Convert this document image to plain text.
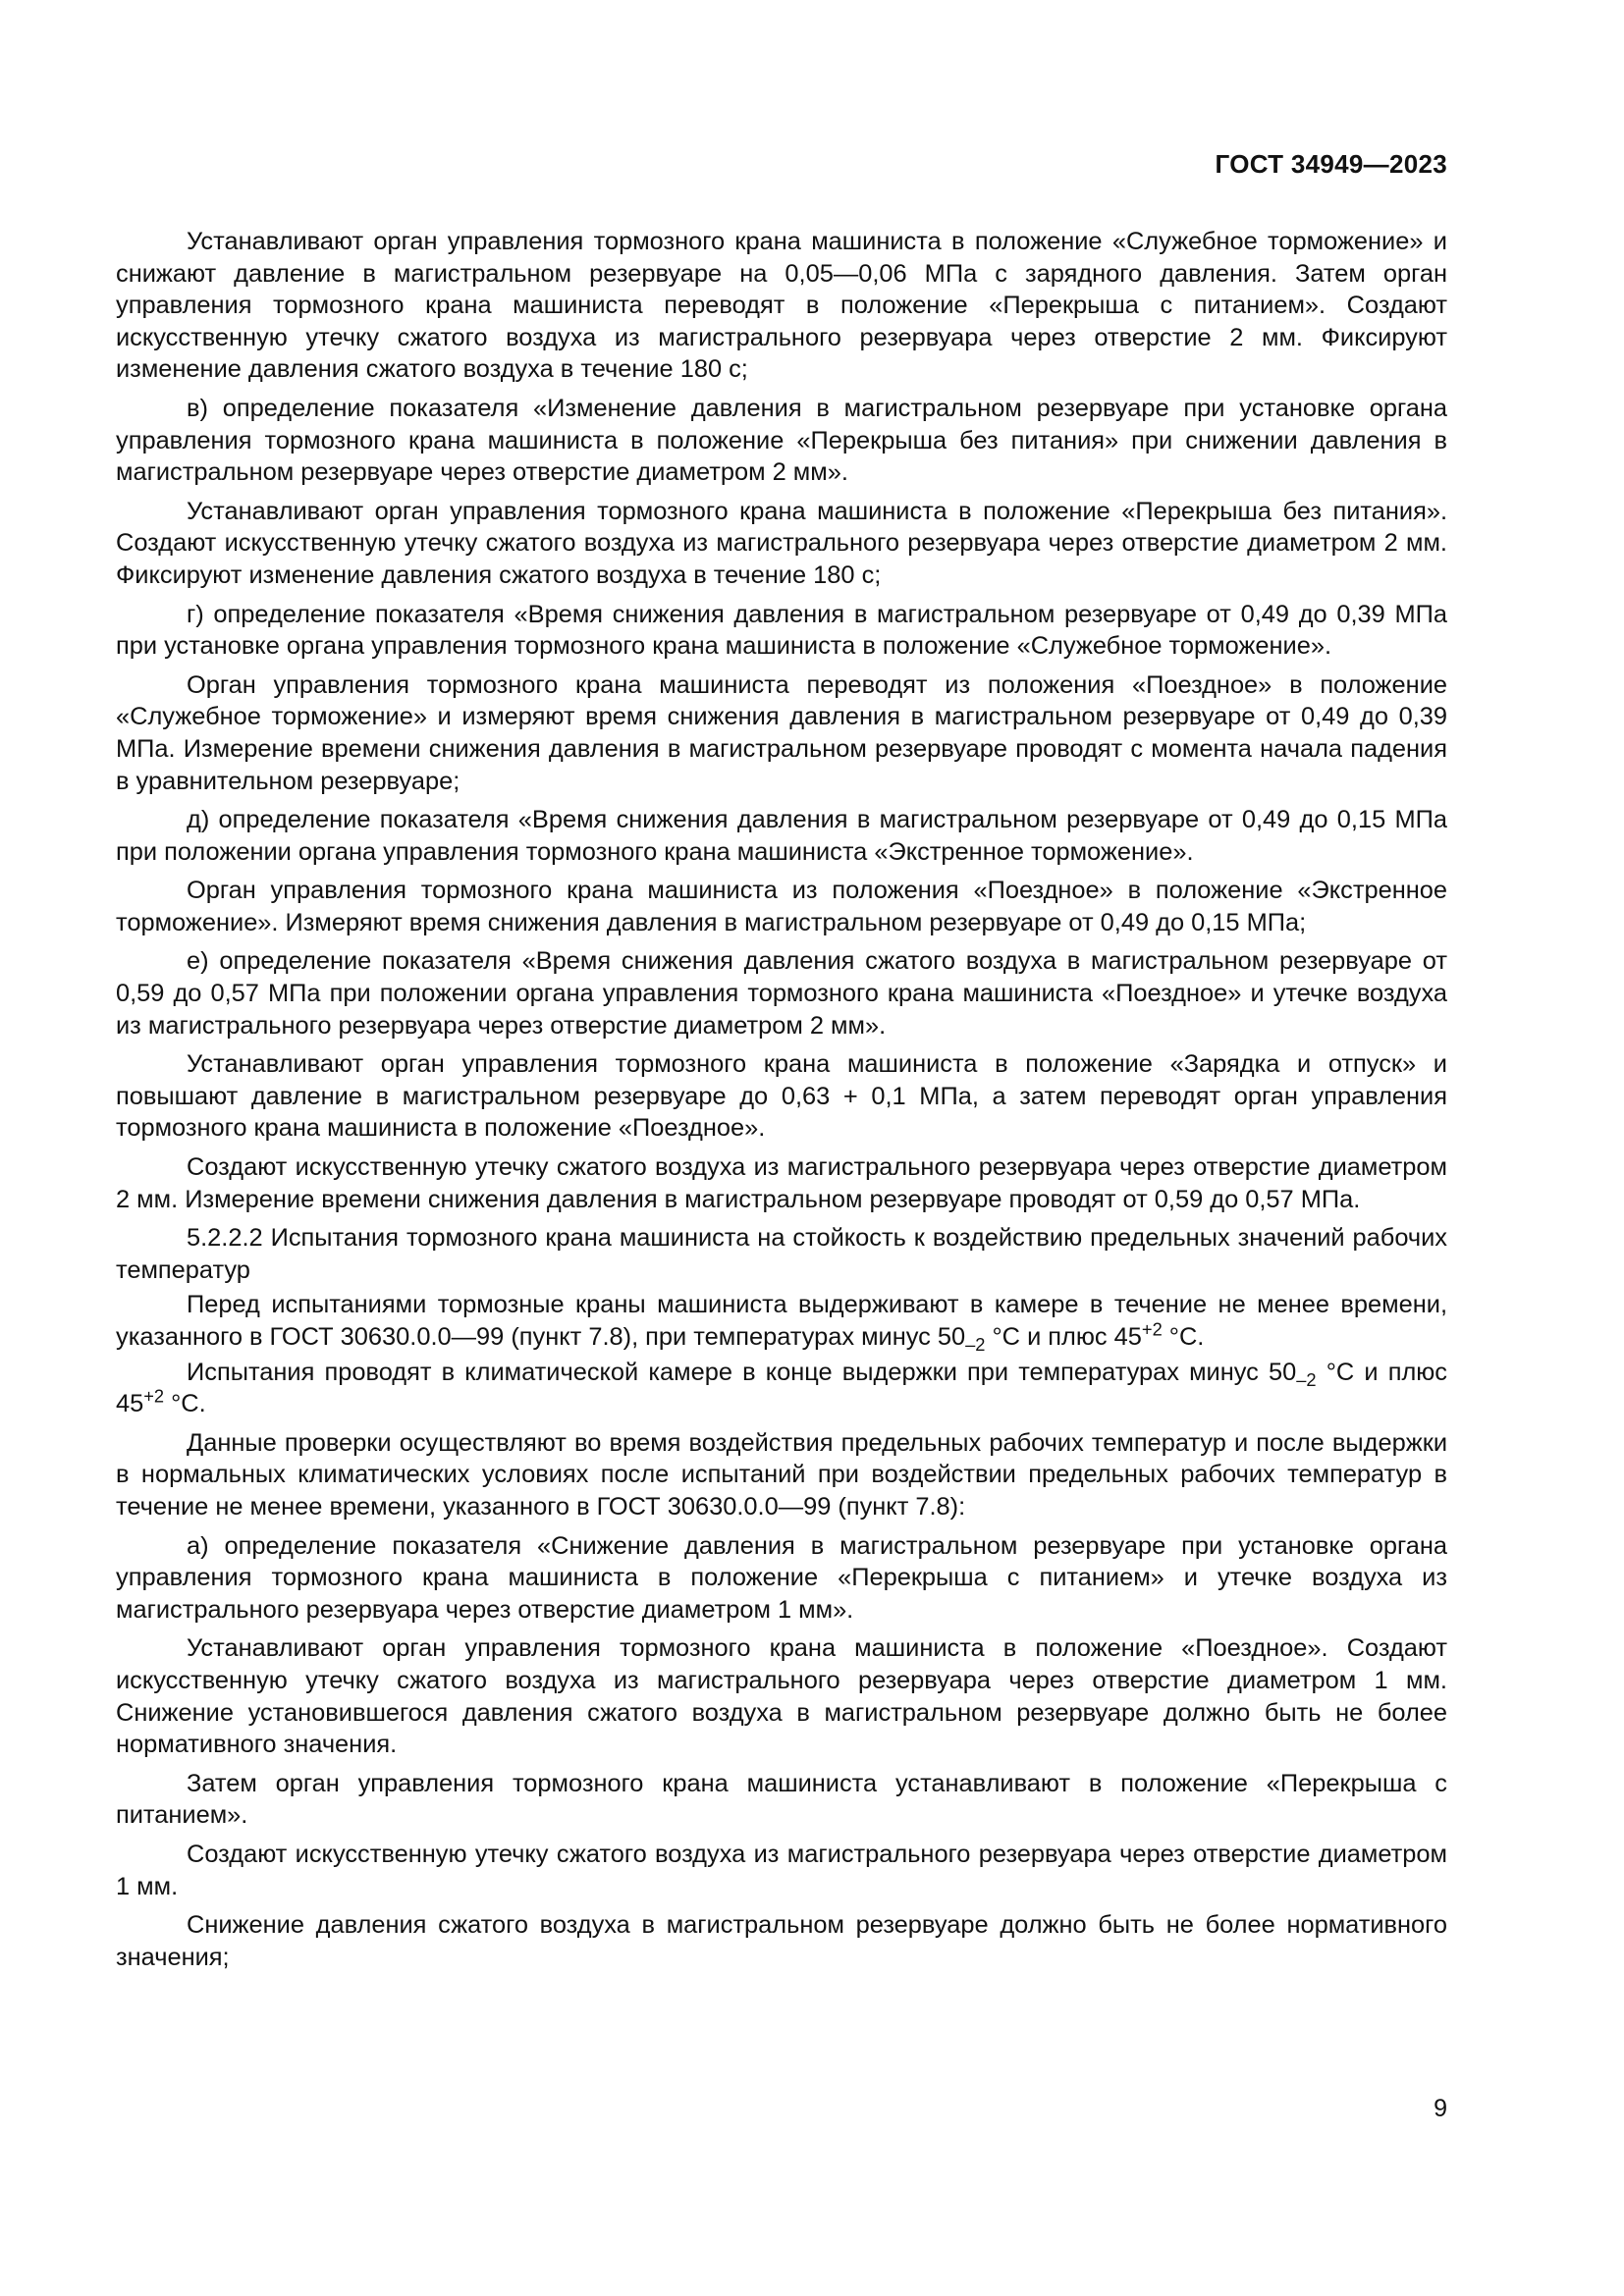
ГОСТ 34949—2023

Устанавливают орган управления тормозного крана машиниста в положение «Служебное торможение» и снижают давление в магистральном резервуаре на 0,05—0,06 МПа с зарядного давления. Затем орган управления тормозного крана машиниста переводят в положение «Перекрыша с питанием». Создают искусственную утечку сжатого воздуха из магистрального резервуара через отверстие 2 мм. Фиксируют изменение давления сжатого воздуха в течение 180 с;

в) определение показателя «Изменение давления в магистральном резервуаре при установке органа управления тормозного крана машиниста в положение «Перекрыша без питания» при снижении давления в магистральном резервуаре через отверстие диаметром 2 мм».

Устанавливают орган управления тормозного крана машиниста в положение «Перекрыша без питания». Создают искусственную утечку сжатого воздуха из магистрального резервуара через отверстие диаметром 2 мм. Фиксируют изменение давления сжатого воздуха в течение 180 с;

г) определение показателя «Время снижения давления в магистральном резервуаре от 0,49 до 0,39 МПа при установке органа управления тормозного крана машиниста в положение «Служебное торможение».

Орган управления тормозного крана машиниста переводят из положения «Поездное» в положение «Служебное торможение» и измеряют время снижения давления в магистральном резервуаре от 0,49 до 0,39 МПа. Измерение времени снижения давления в магистральном резервуаре проводят с момента начала падения в уравнительном резервуаре;

д) определение показателя «Время снижения давления в магистральном резервуаре от 0,49 до 0,15 МПа при положении органа управления тормозного крана машиниста «Экстренное торможение».

Орган управления тормозного крана машиниста из положения «Поездное» в положение «Экстренное торможение». Измеряют время снижения давления в магистральном резервуаре от 0,49 до 0,15 МПа;

е) определение показателя «Время снижения давления сжатого воздуха в магистральном резервуаре от 0,59 до 0,57 МПа при положении органа управления тормозного крана машиниста «Поездное» и утечке воздуха из магистрального резервуара через отверстие диаметром 2 мм».

Устанавливают орган управления тормозного крана машиниста в положение «Зарядка и отпуск» и повышают давление в магистральном резервуаре до 0,63 + 0,1 МПа, а затем переводят орган управления тормозного крана машиниста в положение «Поездное».

Создают искусственную утечку сжатого воздуха из магистрального резервуара через отверстие диаметром 2 мм. Измерение времени снижения давления в магистральном резервуаре проводят от 0,59 до 0,57 МПа.

5.2.2.2 Испытания тормозного крана машиниста на стойкость к воздействию предельных значений рабочих температур

Перед испытаниями тормозные краны машиниста выдерживают в камере в течение не менее времени, указанного в ГОСТ 30630.0.0—99 (пункт 7.8), при температурах минус $50_{-2}$ °С и плюс $45^{+2}$ °С.

Испытания проводят в климатической камере в конце выдержки при температурах минус $50_{-2}$ °С и плюс $45^{+2}$ °С.

Данные проверки осуществляют во время воздействия предельных рабочих температур и после выдержки в нормальных климатических условиях после испытаний при воздействии предельных рабочих температур в течение не менее времени, указанного в ГОСТ 30630.0.0—99 (пункт 7.8):

а) определение показателя «Снижение давления в магистральном резервуаре при установке органа управления тормозного крана машиниста в положение «Перекрыша с питанием» и утечке воздуха из магистрального резервуара через отверстие диаметром 1 мм».

Устанавливают орган управления тормозного крана машиниста в положение «Поездное». Создают искусственную утечку сжатого воздуха из магистрального резервуара через отверстие диаметром 1 мм. Снижение установившегося давления сжатого воздуха в магистральном резервуаре должно быть не более нормативного значения.

Затем орган управления тормозного крана машиниста устанавливают в положение «Перекрыша с питанием».

Создают искусственную утечку сжатого воздуха из магистрального резервуара через отверстие диаметром 1 мм.

Снижение давления сжатого воздуха в магистральном резервуаре должно быть не более нормативного значения;

9
